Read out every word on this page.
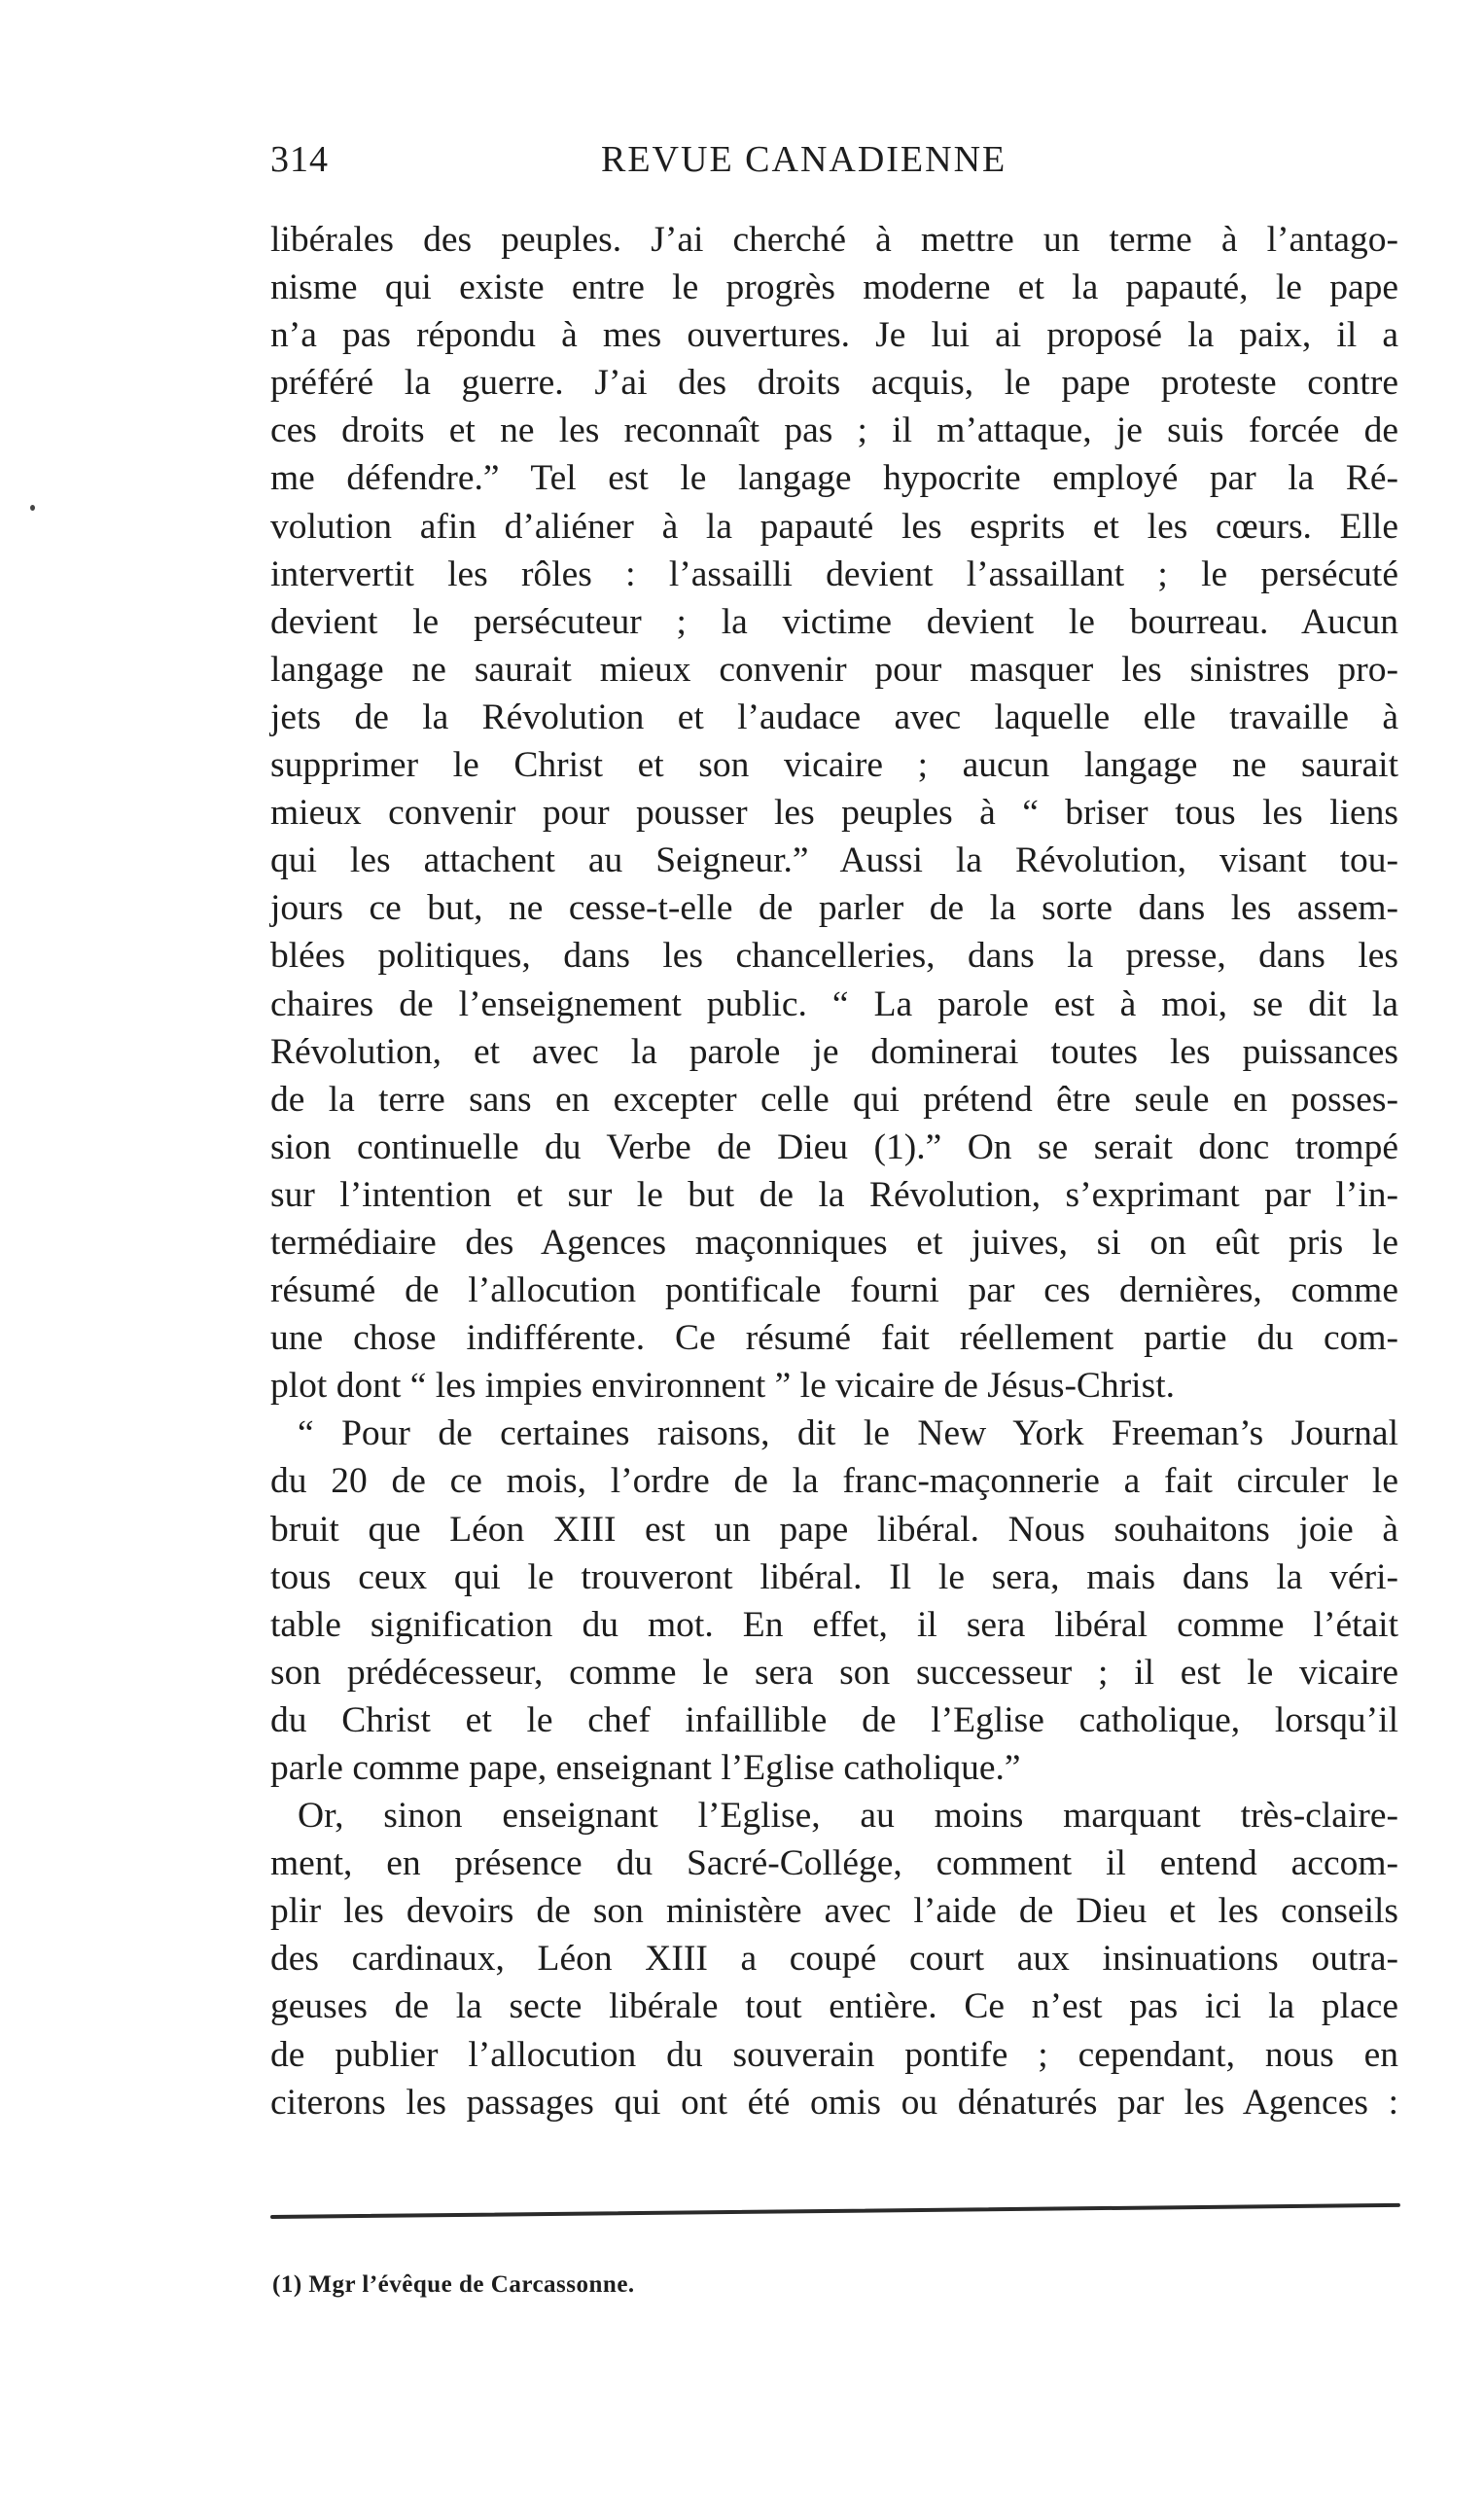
314	REVUE CANADIENNE
libérales des peuples. J’ai cherché à mettre un terme à l’antago-
nisme qui existe entre le progrès moderne et la papauté, le pape
n’a pas répondu à mes ouvertures. Je lui ai proposé la paix, il a
préféré la guerre. J’ai des droits acquis, le pape proteste contre
ces droits et ne les reconnaît pas ; il m’attaque, je suis forcée de
me défendre.” Tel est le langage hypocrite employé par la Ré-
volution afin d’aliéner à la papauté les esprits et les cœurs. Elle
intervertit les rôles : l’assailli devient l’assaillant ; le persécuté
devient le persécuteur ; la victime devient le bourreau. Aucun
langage ne saurait mieux convenir pour masquer les sinistres pro-
jets de la Révolution et l’audace avec laquelle elle travaille à
supprimer le Christ et son vicaire ; aucun langage ne saurait
mieux convenir pour pousser les peuples à “ briser tous les liens
qui les attachent au Seigneur.” Aussi la Révolution, visant tou-
jours ce but, ne cesse-t-elle de parler de la sorte dans les assem-
blées politiques, dans les chancelleries, dans la presse, dans les
chaires de l’enseignement public. “ La parole est à moi, se dit la
Révolution, et avec la parole je dominerai toutes les puissances
de la terre sans en excepter celle qui prétend être seule en posses-
sion continuelle du Verbe de Dieu (1).” On se serait donc trompé
sur l’intention et sur le but de la Révolution, s’exprimant par l’in-
termédiaire des Agences maçonniques et juives, si on eût pris le
résumé de l’allocution pontificale fourni par ces dernières, comme
une chose indifférente. Ce résumé fait réellement partie du com-
plot dont “ les impies environnent ” le vicaire de Jésus-Christ.
“ Pour de certaines raisons, dit le New York Freeman’s Journal
du 20 de ce mois, l’ordre de la franc-maçonnerie a fait circuler le
bruit que Léon XIII est un pape libéral. Nous souhaitons joie à
tous ceux qui le trouveront libéral. Il le sera, mais dans la véri-
table signification du mot. En effet, il sera libéral comme l’était
son prédécesseur, comme le sera son successeur ; il est le vicaire
du Christ et le chef infaillible de l’Eglise catholique, lorsqu’il
parle comme pape, enseignant l’Eglise catholique.”
Or, sinon enseignant l’Eglise, au moins marquant très-claire-
ment, en présence du Sacré-Collége, comment il entend accom-
plir les devoirs de son ministère avec l’aide de Dieu et les conseils
des cardinaux, Léon XIII a coupé court aux insinuations outra-
geuses de la secte libérale tout entière. Ce n’est pas ici la place
de publier l’allocution du souverain pontife ; cependant, nous en
citerons les passages qui ont été omis ou dénaturés par les Agences :
(1) Mgr l’évêque de Carcassonne.
